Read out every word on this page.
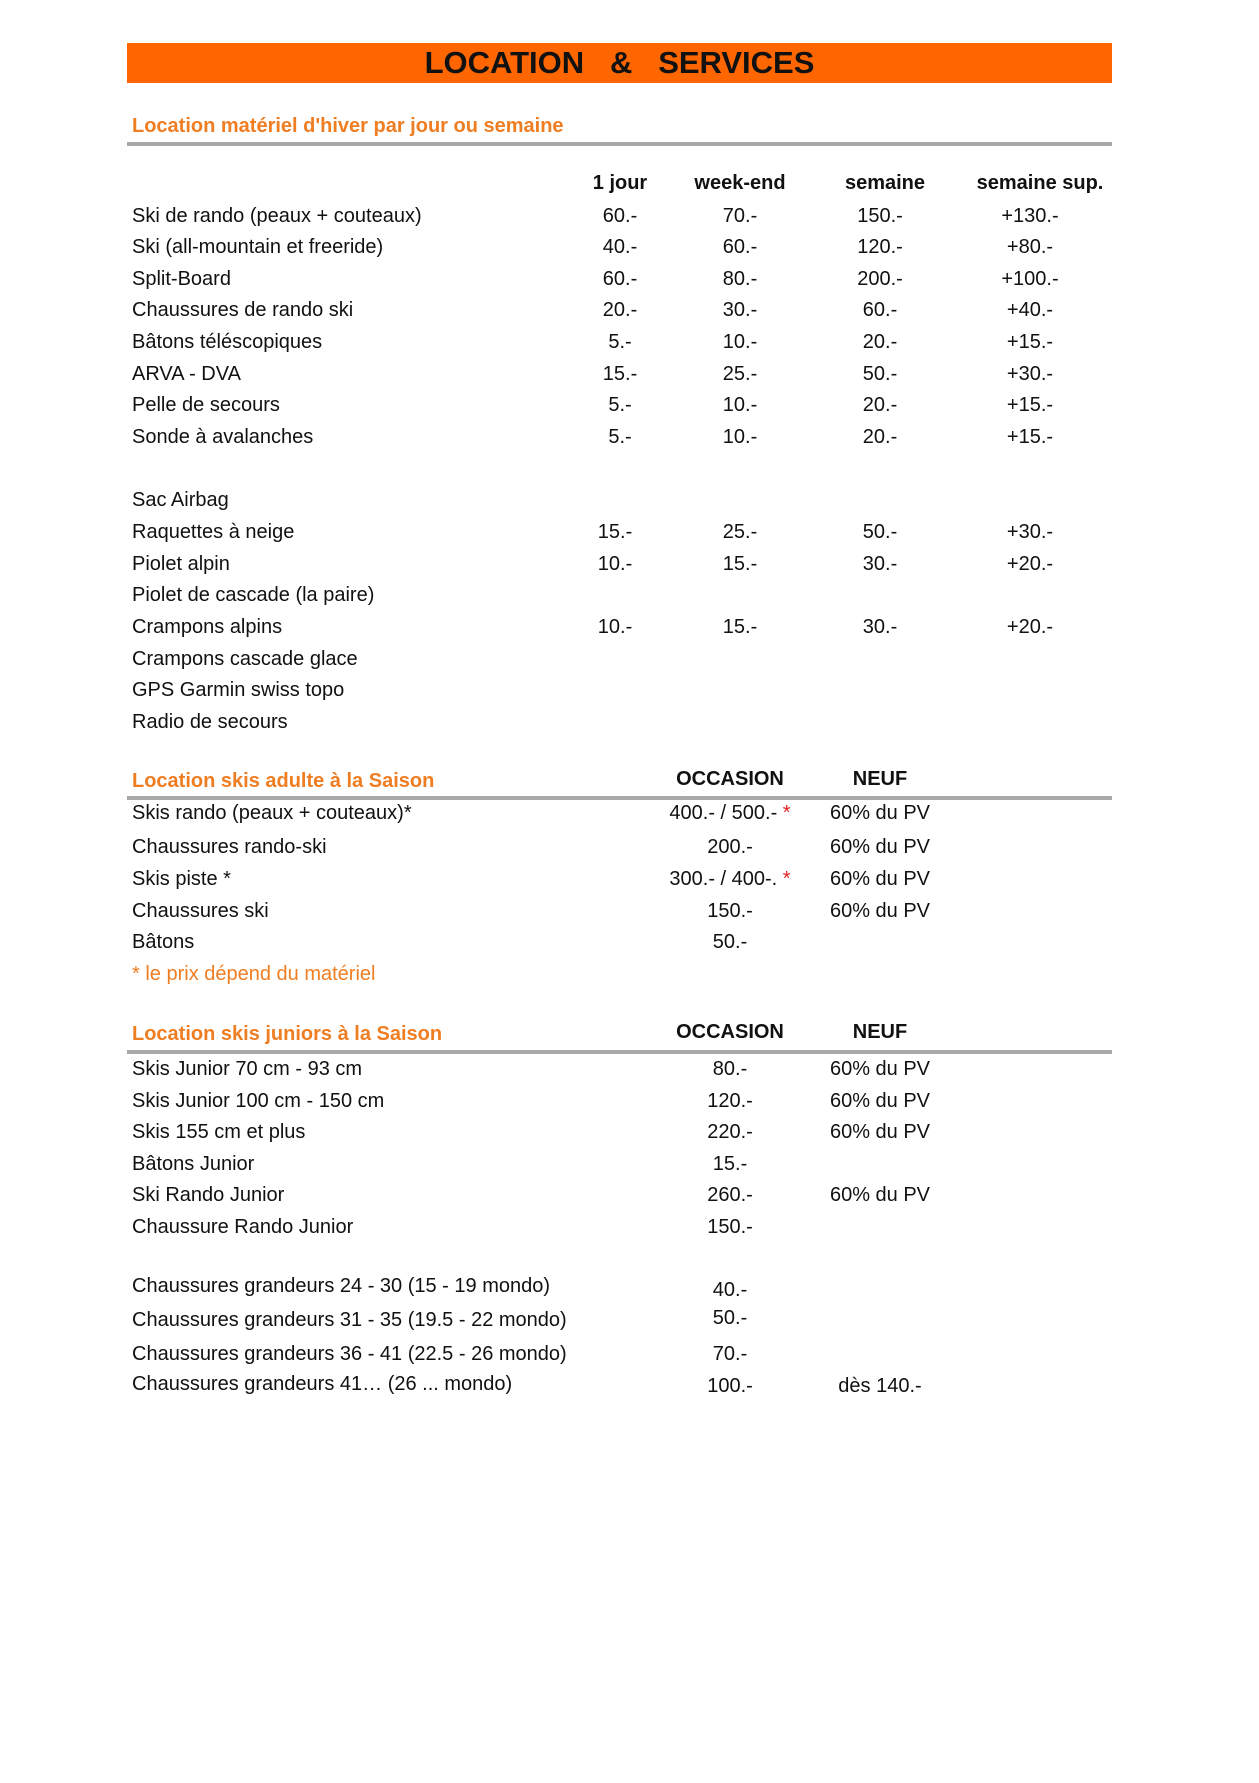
LOCATION   &   SERVICES
Location matériel d'hiver par jour ou semaine
1 jour	week-end	semaine	semaine sup.
Ski de rando (peaux + couteaux)	60.-	70.-	150.-	+130.-
Ski (all-mountain et freeride)	40.-	60.-	120.-	+80.-
Split-Board	60.-	80.-	200.-	+100.-
Chaussures de rando ski	20.-	30.-	60.-	+40.-
Bâtons téléscopiques	5.-	10.-	20.-	+15.-
ARVA - DVA	15.-	25.-	50.-	+30.-
Pelle de secours	5.-	10.-	20.-	+15.-
Sonde à avalanches	5.-	10.-	20.-	+15.-
Sac Airbag
Raquettes à neige	15.-	25.-	50.-	+30.-
Piolet alpin	10.-	15.-	30.-	+20.-
Piolet de cascade (la paire)
Crampons alpins	10.-	15.-	30.-	+20.-
Crampons cascade glace
GPS Garmin swiss topo
Radio de secours
Location skis adulte à la Saison	OCCASION	NEUF
Skis rando (peaux + couteaux)*	400.- / 500.- *	60% du PV
Chaussures rando-ski	200.-	60% du PV
Skis piste *	300.- / 400-. *	60% du PV
Chaussures ski	150.-	60% du PV
Bâtons	50.-
* le prix dépend du matériel
Location skis juniors à la Saison	OCCASION	NEUF
Skis Junior 70 cm - 93 cm	80.-	60% du PV
Skis Junior 100 cm - 150 cm	120.-	60% du PV
Skis 155 cm et plus	220.-	60% du PV
Bâtons Junior	15.-
Ski Rando Junior	260.-	60% du PV
Chaussure Rando Junior	150.-
Chaussures grandeurs 24 - 30 (15 - 19 mondo)	40.-
Chaussures grandeurs 31 - 35 (19.5 - 22 mondo)	50.-
Chaussures grandeurs 36 - 41 (22.5 - 26 mondo)	70.-
Chaussures grandeurs 41… (26 ... mondo)	100.-	dès 140.-
